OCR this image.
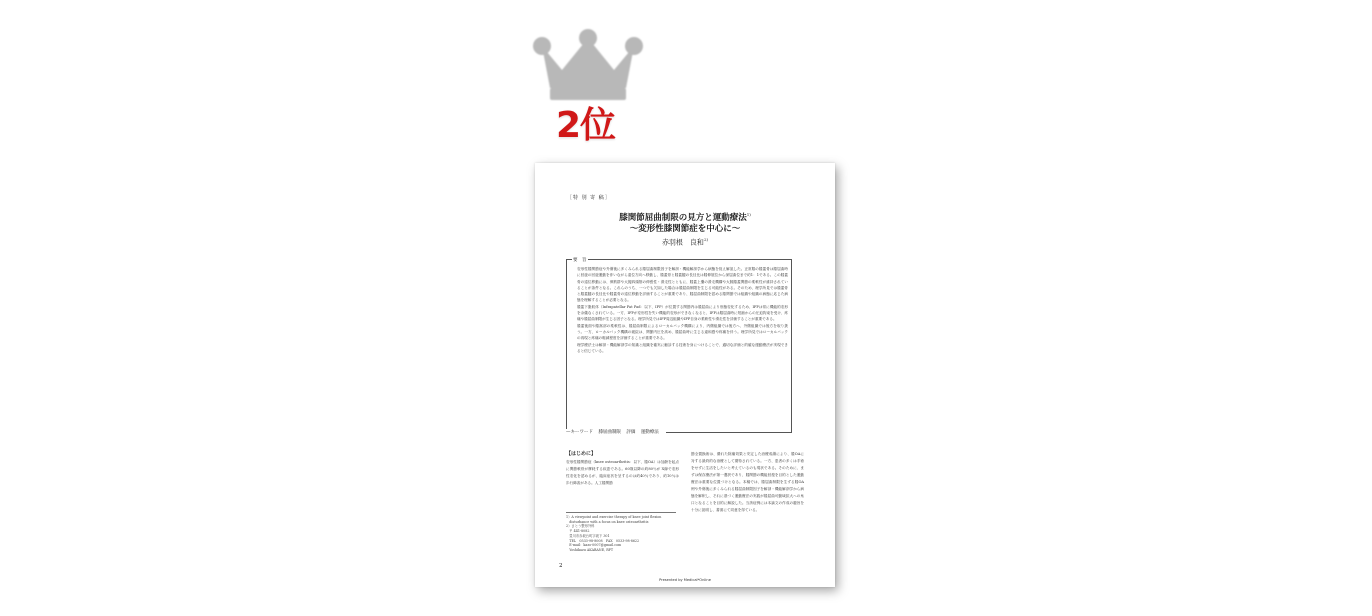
2位
［特 別 寄 稿］
膝関節屈曲制限の見方と運動療法$^{1)}$
〜変形性膝関節症を中心に〜
赤羽根　良和$^{2)}$
要　旨
変形性膝関節症や外傷後に多くみられる膝屈曲制限因子を解剖・機能解剖学から病態を捉え解説した。正常膝の膝蓋骨は膝屈曲時に回旋の回旋運動を伴いながら遠位方向へ移動し、膝蓋骨と膝蓋腱の長径比は膝伸展位から深屈曲位まで約1：1である。この膝蓋骨の遠位移動には、伸筋群や大腿四頭筋の伸張性・滑走性とともに、膝蓋上嚢の滑走機構や大腿膝蓋関節の柔軟性が維持されていることが条件となる。これらのうち、一つでも欠如した場合は膝屈曲制限を生じる可能性がある。そのため、理学所見では膝蓋骨と膝蓋腱の長径比や膝蓋骨の遠位移動を評価することが重要であり、膝屈曲制限を認める膝関節では組織や組織の病態に応じた病態を理解することが必要となる。
膝蓋下脂肪体（Infrapatellar Fat Pad：以下、IFP）が位置する関節内は膝屈曲により形態変化するため、IFPは常に機能的変形を余儀なくされている。一方、IFPが変形性を失い機能的変形ができなくなると、IFPは膝屈曲時に短縮からの圧迫拘束を受け、疼痛や膝屈曲制限が生じる因子となる。理学所見ではIFP周辺組織やIFP自身の柔軟性や滑走性を評価することが重要である。
膝蓋後面や膝窩部の柔軟性は、膝屈曲制限によるローカルバック機構により、内側組織では後方へ、外側組織では後方を取り扱う。一方、ローカルバック機構の破綻は、関節内圧を高め、膝屈曲時に生じる違和感や疼痛を伴う。理学所見ではローカルバックの再現と疼痛の軽減程度を評価することが重要である。
理学療法士は解剖・機能解剖学の知識と組織を確実に触診する技術を身につけることで、適切な評価と的確な運動療法が実現できると信じている。
—キーワード 膝屈曲制限 評価 運動療法
【はじめに】
変形性膝関節症（knee osteoarthritis：以下、膝OA）は加齢を起点に関節軟骨が摩耗する疾患である。60歳以降の約80％が X線で変形性変化を認めるが、臨床症状を呈するのは約40％であり、約10％は歩行障害がある。人工膝関節
節全置換術は、優れた除痛効果と安定した治療成績により、膝OAに対する最終的な治療として期待されている。一方、患者の多くは手術をせずに生活をしたいと考えているのも現状である。そのために、まずは保存療法が第一選択であり、膝関節の機能回復を目的とした運動療法は重要な位置づけとなる。本稿では、膝屈曲制限を生ずる膝OA例や外傷後に多くみられる膝屈曲制限因子を解剖・機能解剖学から病態を解釈し、それに基づく運動療法の実践が膝屈曲可動域拡大への糸口となることを目的に解説した。当該症例には本論文の作成の趣旨を十分に説明し、書面にて同意を得ている。
1）A viewpoint and exercise therapy of knee joint flexion
　disturbance with a focus on knee osteoarthritis
2）さとう整形外科
　〒 441-8082
　豊川市赤坂台町字坂下 301
　TEL　0533-98-8008　FAX　0533-98-8622
　E-mail：kazo-0007@gmail.com
　Yoshikazu AKABANE, RPT
2
Presented by Medical*Online
